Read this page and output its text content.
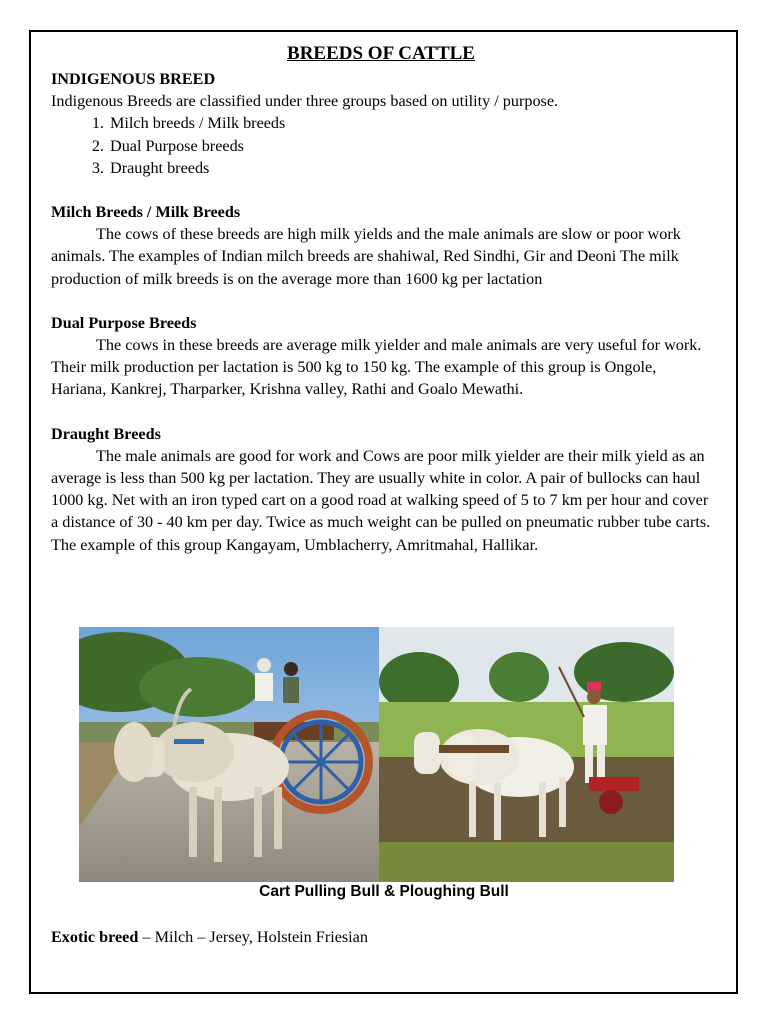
BREEDS OF CATTLE

INDIGENOUS BREED

Indigenous Breeds are classified under three groups based on utility / purpose.

1. Milch breeds / Milk breeds
2. Dual Purpose breeds
3. Draught breeds

Milch Breeds / Milk Breeds

The cows of these breeds are high milk yields and the male animals are slow or poor work animals. The examples of Indian milch breeds are shahiwal, Red Sindhi, Gir and Deoni The milk production of milk breeds is on the average more than 1600 kg per lactation

Dual Purpose Breeds

The cows in these breeds are average milk yielder and male animals are very useful for work. Their milk production per lactation is 500 kg to 150 kg. The example of this group is Ongole, Hariana, Kankrej, Tharparker, Krishna valley, Rathi and Goalo Mewathi.

Draught Breeds

The male animals are good for work and Cows are poor milk yielder are their milk yield as an average is less than 500 kg per lactation. They are usually white in color. A pair of bullocks can haul 1000 kg. Net with an iron typed cart on a good road at walking speed of 5 to 7 km per hour and cover a distance of 30 - 40 km per day. Twice as much weight can be pulled on pneumatic rubber tube carts. The example of this group Kangayam, Umblacherry, Amritmahal, Hallikar.

Cart Pulling Bull & Ploughing Bull
Exotic breed – Milch – Jersey, Holstein Friesian
